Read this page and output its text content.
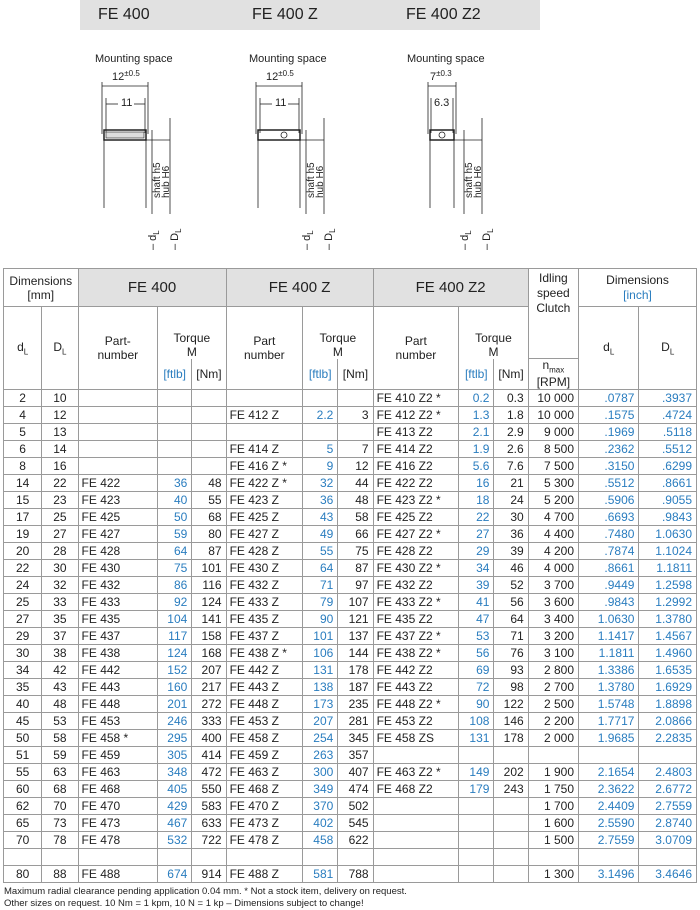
FE 400	FE 400 Z	FE 400 Z2
Mounting space
$12^{\pm 0.5}$
11
shaft h5
hub H6
– $d_L$
– $D_L$
Mounting space
$12^{\pm 0.5}$
11
shaft h5
hub H6
– $d_L$
– $D_L$
Mounting space
$7^{\pm 0.3}$
6.3
shaft h5
hub H6
– $d_L$
– $D_L$
Dimensions
[mm]		FE 400			FE 400 Z			FE 400 Z2			Idling
speed
Clutch	Dimensions
[inch]	
$d_L$	$D_L$	Part-
number	Torque
M		Part
number	Torque
M		Part
number	Torque
M			$d_L$	$D_L$
			[ftlb]	[Nm]		[ftlb]	[Nm]		[ftlb]	[Nm]	$n_{max}$
[RPM]		
2	10							FE 410 Z2 *	0.2	0.3	10 000	.0787	.3937
4	12				FE 412 Z	2.2	3	FE 412 Z2 *	1.3	1.8	10 000	.1575	.4724
5	13							FE 413 Z2	2.1	2.9	9 000	.1969	.5118
6	14				FE 414 Z	5	7	FE 414 Z2	1.9	2.6	8 500	.2362	.5512
8	16				FE 416 Z *	9	12	FE 416 Z2	5.6	7.6	7 500	.3150	.6299
14	22	FE 422	36	48	FE 422 Z *	32	44	FE 422 Z2	16	21	5 300	.5512	.8661
15	23	FE 423	40	55	FE 423 Z	36	48	FE 423 Z2 *	18	24	5 200	.5906	.9055
17	25	FE 425	50	68	FE 425 Z	43	58	FE 425 Z2	22	30	4 700	.6693	.9843
19	27	FE 427	59	80	FE 427 Z	49	66	FE 427 Z2 *	27	36	4 400	.7480	1.0630
20	28	FE 428	64	87	FE 428 Z	55	75	FE 428 Z2	29	39	4 200	.7874	1.1024
22	30	FE 430	75	101	FE 430 Z	64	87	FE 430 Z2 *	34	46	4 000	.8661	1.1811
24	32	FE 432	86	116	FE 432 Z	71	97	FE 432 Z2	39	52	3 700	.9449	1.2598
25	33	FE 433	92	124	FE 433 Z	79	107	FE 433 Z2 *	41	56	3 600	.9843	1.2992
27	35	FE 435	104	141	FE 435 Z	90	121	FE 435 Z2	47	64	3 400	1.0630	1.3780
29	37	FE 437	117	158	FE 437 Z	101	137	FE 437 Z2 *	53	71	3 200	1.1417	1.4567
30	38	FE 438	124	168	FE 438 Z *	106	144	FE 438 Z2 *	56	76	3 100	1.1811	1.4960
34	42	FE 442	152	207	FE 442 Z	131	178	FE 442 Z2	69	93	2 800	1.3386	1.6535
35	43	FE 443	160	217	FE 443 Z	138	187	FE 443 Z2	72	98	2 700	1.3780	1.6929
40	48	FE 448	201	272	FE 448 Z	173	235	FE 448 Z2 *	90	122	2 500	1.5748	1.8898
45	53	FE 453	246	333	FE 453 Z	207	281	FE 453 Z2	108	146	2 200	1.7717	2.0866
50	58	FE 458 *	295	400	FE 458 Z	254	345	FE 458 ZS	131	178	2 000	1.9685	2.2835
51	59	FE 459	305	414	FE 459 Z	263	357						
55	63	FE 463	348	472	FE 463 Z	300	407	FE 463 Z2 *	149	202	1 900	2.1654	2.4803
60	68	FE 468	405	550	FE 468 Z	349	474	FE 468 Z2	179	243	1 750	2.3622	2.6772
62	70	FE 470	429	583	FE 470 Z	370	502				1 700	2.4409	2.7559
65	73	FE 473	467	633	FE 473 Z	402	545				1 600	2.5590	2.8740
70	78	FE 478	532	722	FE 478 Z	458	622				1 500	2.7559	3.0709

80	88	FE 488	674	914	FE 488 Z	581	788				1 300	3.1496	3.4646
Maximum radial clearance pending application 0.04 mm. * Not a stock item, delivery on request.
Other sizes on request. 10 Nm = 1 kpm, 10 N = 1 kp – Dimensions subject to change!
